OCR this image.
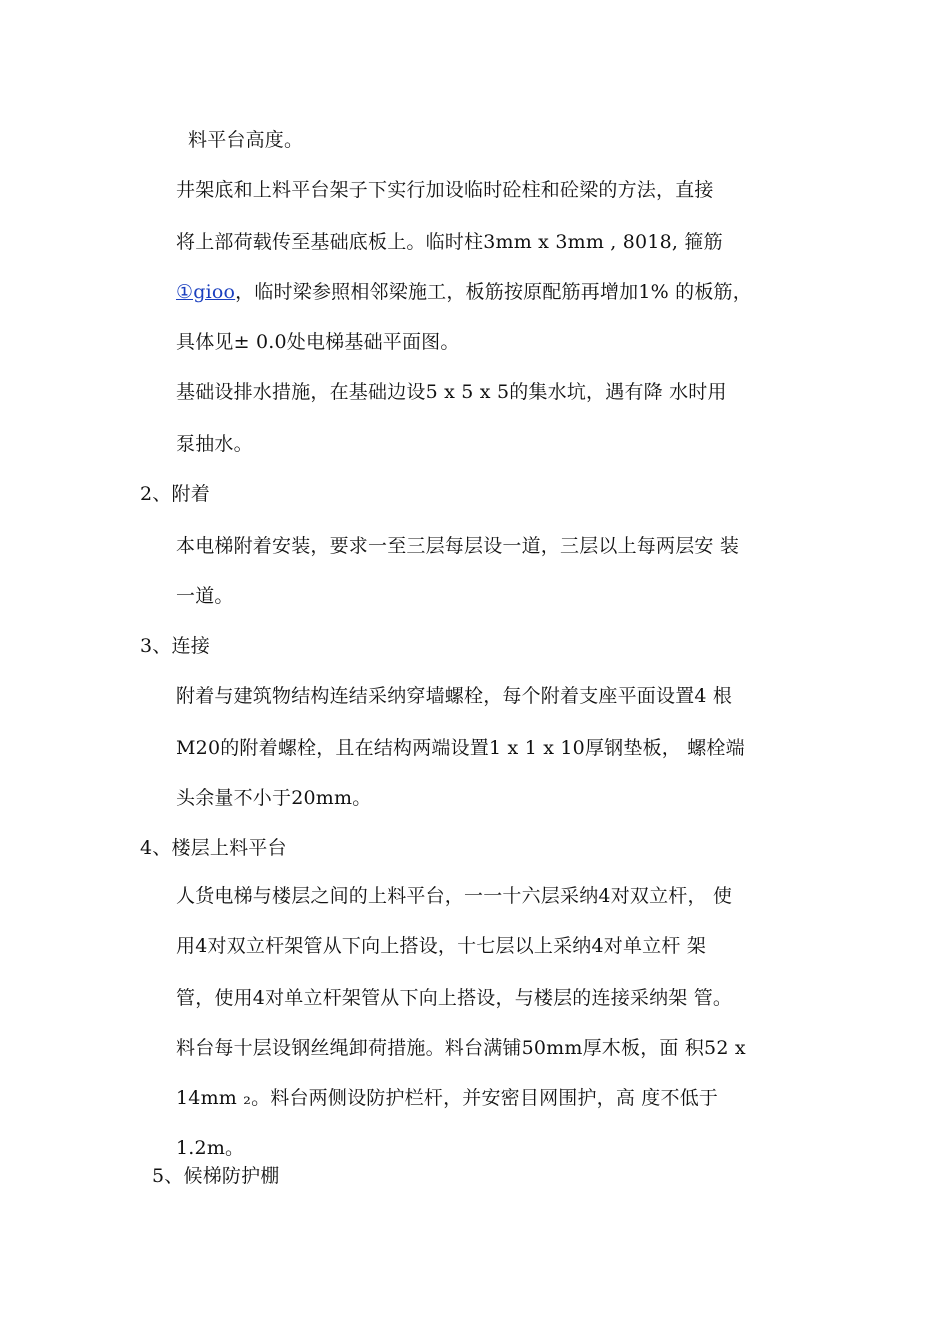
料平台高度。
井架底和上料平台架子下实行加设临时砼柱和砼梁的方法，直接
将上部荷载传至基础底板上。临时柱3mm x 3mm , 8018, 箍筋
①gioo，临时梁参照相邻梁施工，板筋按原配筋再增加1% 的板筋，
具体见± 0.0处电梯基础平面图。
基础设排水措施，在基础边设5 x 5 x 5的集水坑，遇有降 水时用
泵抽水。
2、附着
本电梯附着安装，要求一至三层每层设一道，三层以上每两层安 装
一道。
3、连接
附着与建筑物结构连结采纳穿墙螺栓，每个附着支座平面设置4 根
M20的附着螺栓，且在结构两端设置1 x 1 x 10厚钢垫板， 螺栓端
头余量不小于20mm。
4、楼层上料平台
人货电梯与楼层之间的上料平台，一一十六层采纳4对双立杆， 使
用4对双立杆架管从下向上搭设，十七层以上采纳4对单立杆 架
管，使用4对单立杆架管从下向上搭设，与楼层的连接采纳架 管。
料台每十层设钢丝绳卸荷措施。料台满铺50mm厚木板，面 积52 x
14mm ₂。料台两侧设防护栏杆，并安密目网围护，高 度不低于
1.2m。
5、候梯防护棚
